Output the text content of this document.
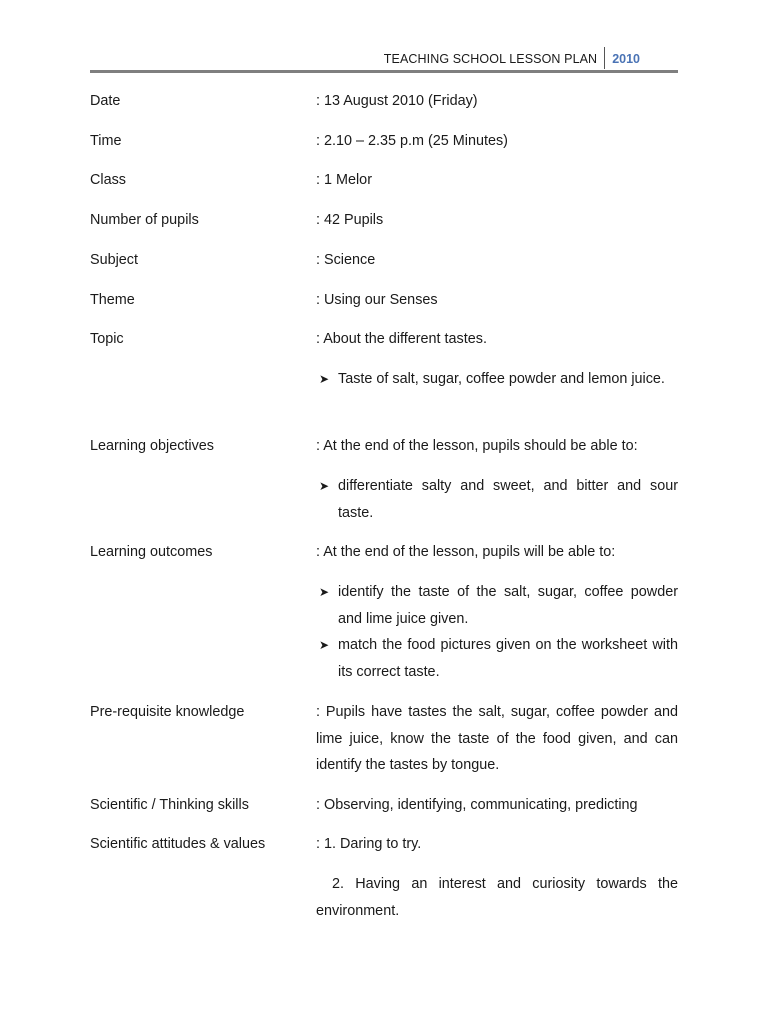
TEACHING SCHOOL LESSON PLAN 2010
Date	: 13 August 2010 (Friday)
Time	: 2.10 – 2.35 p.m (25 Minutes)
Class	: 1 Melor
Number of pupils	: 42 Pupils
Subject	: Science
Theme	: Using our Senses
Topic	: About the different tastes.
➤ Taste of salt, sugar, coffee powder and lemon juice.
Learning objectives	: At the end of the lesson, pupils should be able to:
➤ differentiate salty and sweet, and bitter and sour taste.
Learning outcomes	: At the end of the lesson, pupils will be able to:
➤ identify the taste of the salt, sugar, coffee powder and lime juice given.
➤ match the food pictures given on the worksheet with its correct taste.
Pre-requisite knowledge	: Pupils have tastes the salt, sugar, coffee powder and lime juice, know the taste of the food given, and can identify the tastes by tongue.
Scientific / Thinking skills	: Observing, identifying, communicating, predicting
Scientific attitudes & values	: 1. Daring to try.
2. Having an interest and curiosity towards the environment.
